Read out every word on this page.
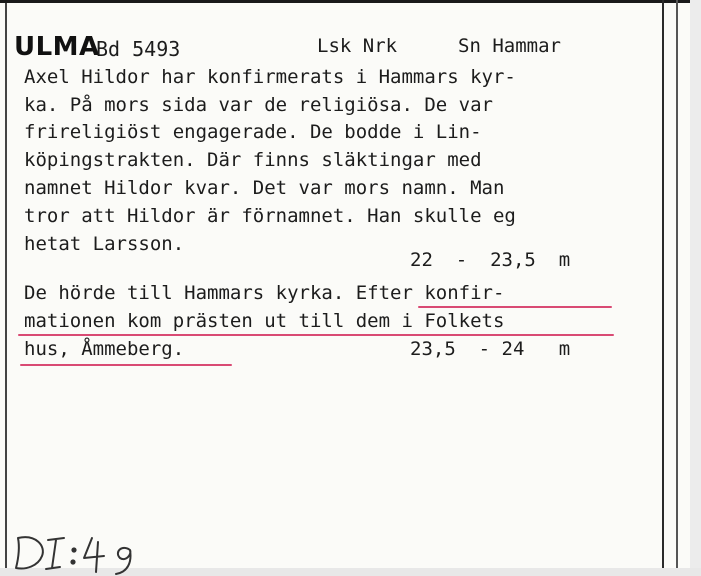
ULMA
Bd 5493	Lsk Nrk	Sn Hammar
Axel Hildor har konfirmerats i Hammars kyr-
ka. På mors sida var de religiösa. De var
frireligiöst engagerade. De bodde i Lin-
köpingstrakten. Där finns släktingar med
namnet Hildor kvar. Det var mors namn. Man
tror att Hildor är förnamnet. Han skulle eg
hetat Larsson.
22  -  23,5  m
De hörde till Hammars kyrka. Efter konfir-
mationen kom prästen ut till dem i Folkets
hus, Åmmeberg.	23,5  - 24   m
